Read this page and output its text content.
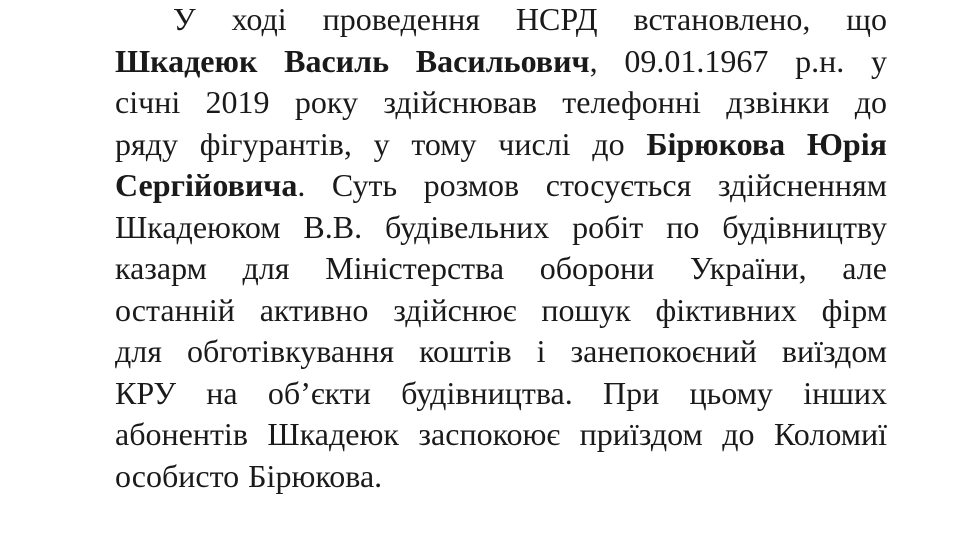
У ході проведення НСРД встановлено, що
Шкадеюк Василь Васильович, 09.01.1967 р.н. у
січні 2019 року здійснював телефонні дзвінки до
ряду фігурантів, у тому числі до Бірюкова Юрія
Сергійовича. Суть розмов стосується здійсненням
Шкадеюком В.В. будівельних робіт по будівництву
казарм для Міністерства оборони України, але
останній активно здійснює пошук фіктивних фірм
для обготівкування коштів і занепокоєний виїздом
КРУ на об’єкти будівництва. При цьому інших
абонентів Шкадеюк заспокоює приїздом до Коломиї
особисто Бірюкова.
